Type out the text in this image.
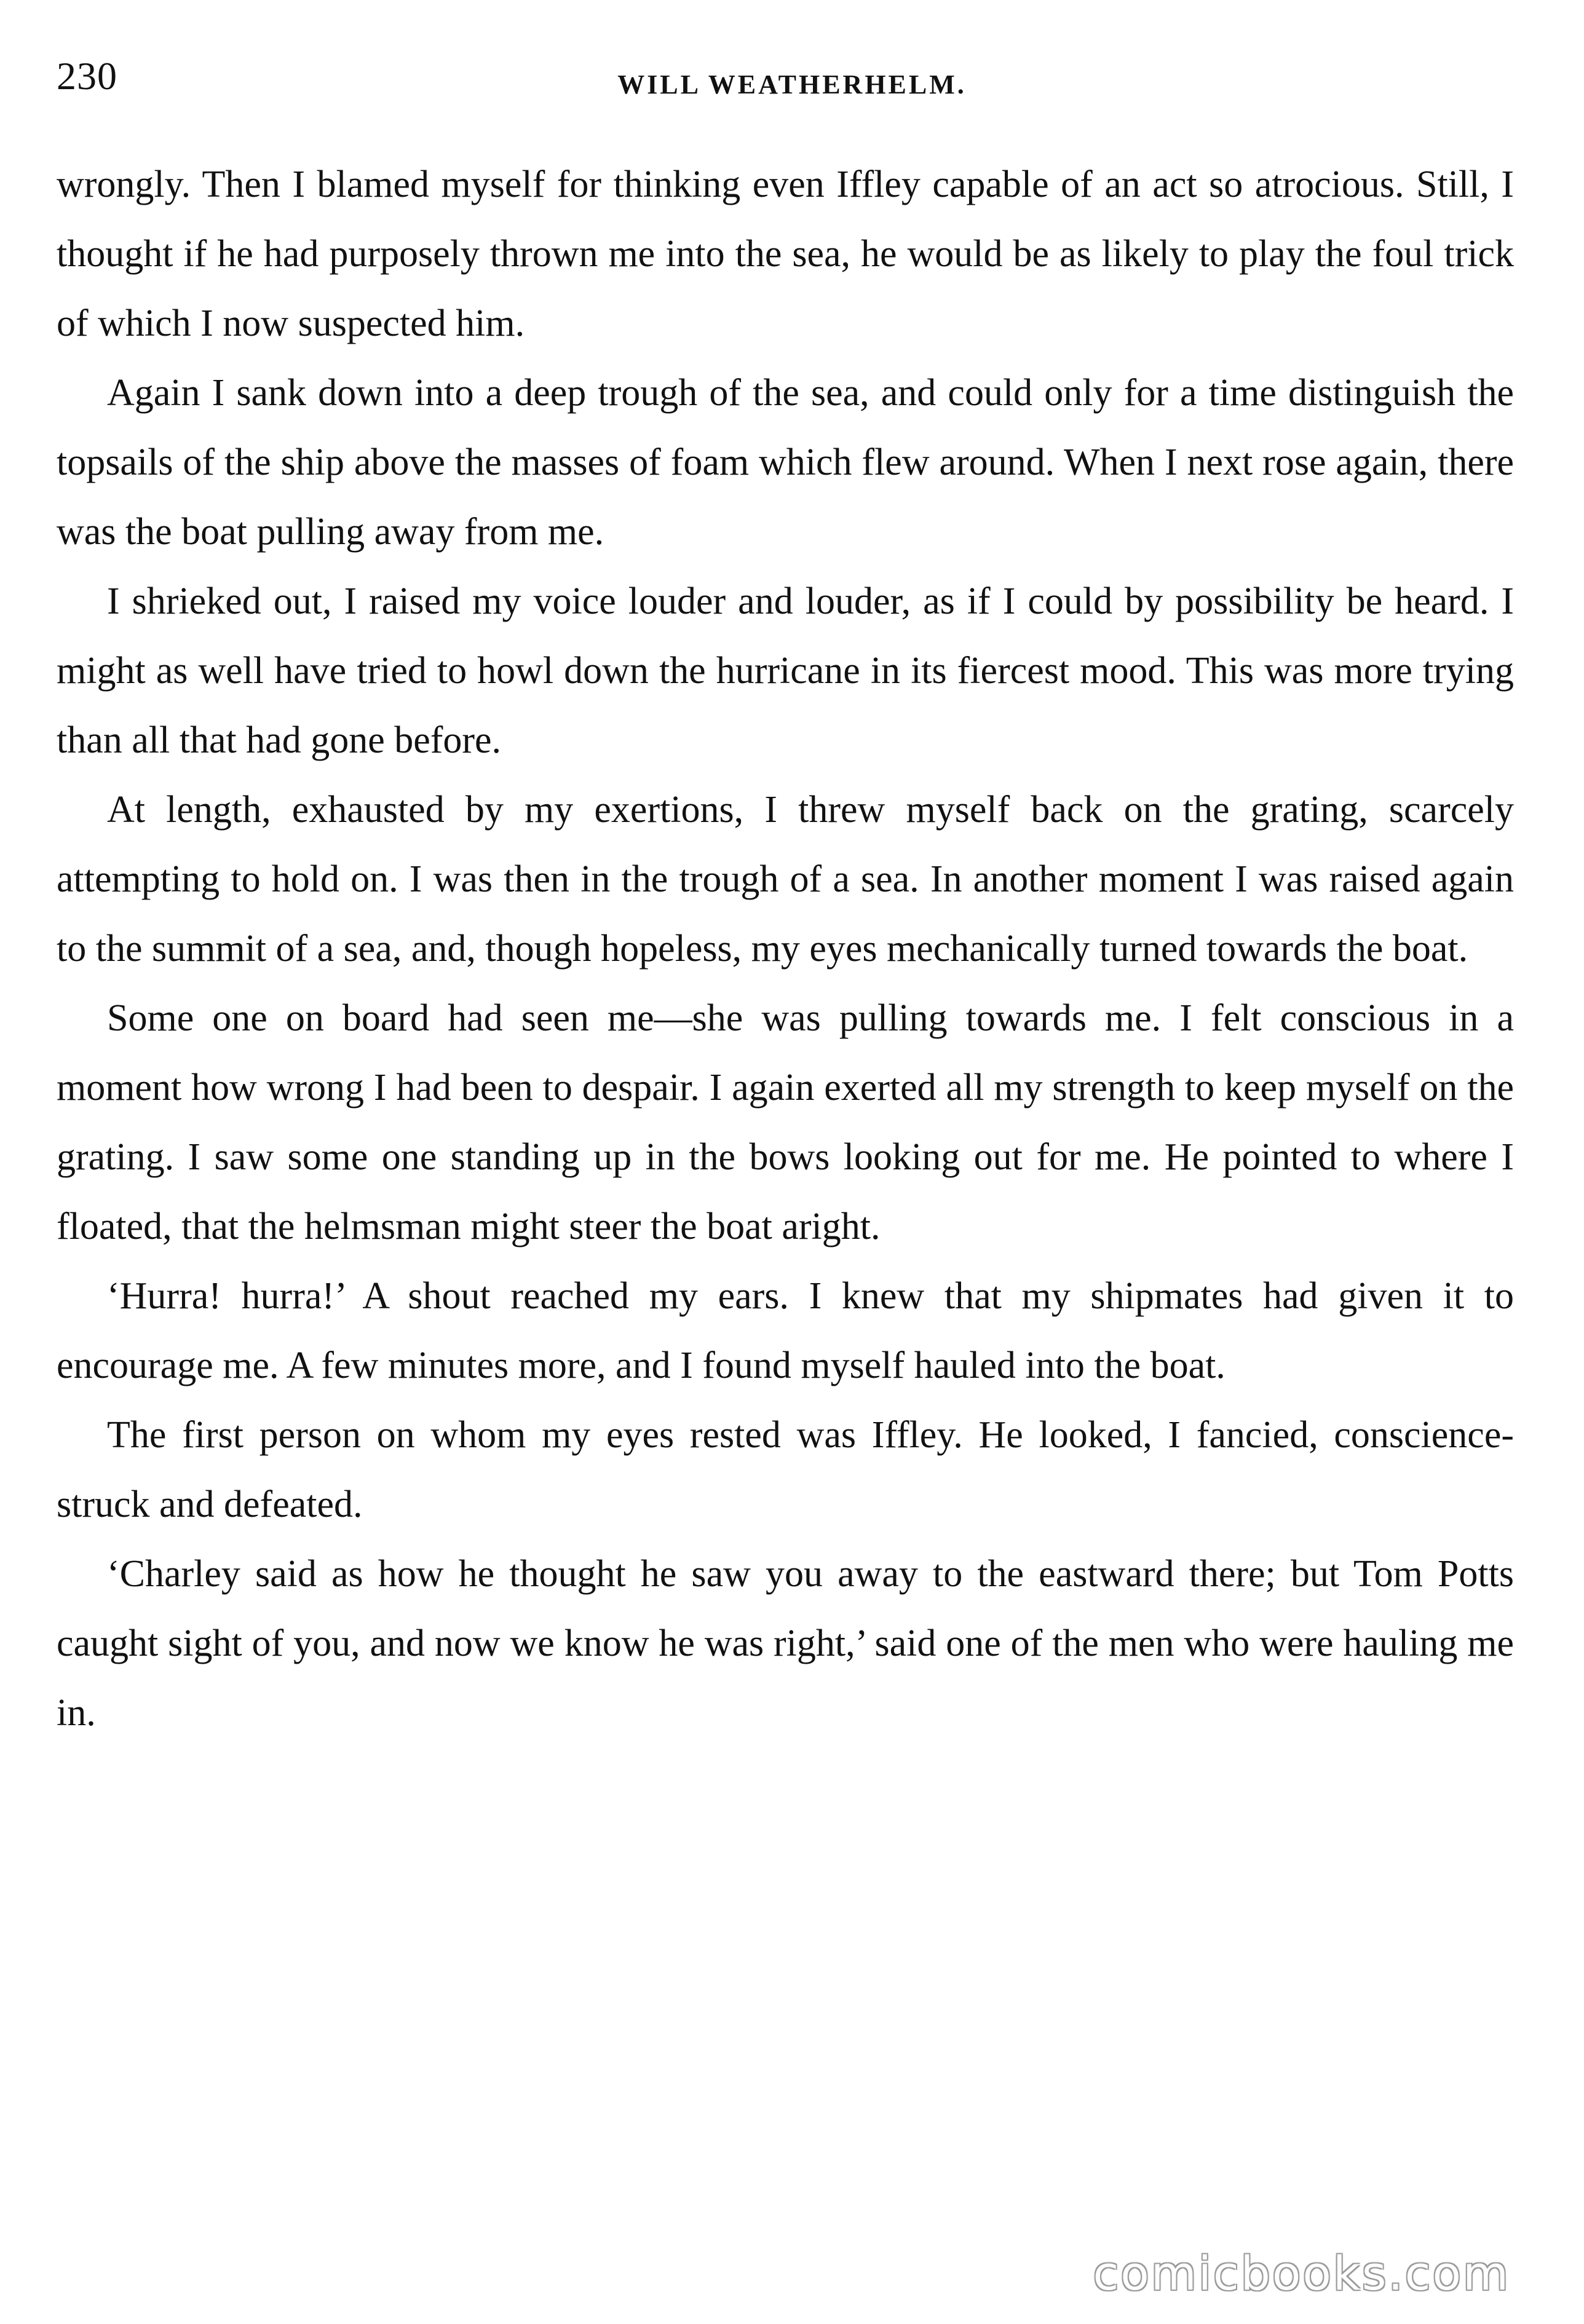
230	WILL WEATHERHELM.

wrongly. Then I blamed myself for thinking even Iffley capable of an act so atrocious. Still, I thought if he had purposely thrown me into the sea, he would be as likely to play the foul trick of which I now suspected him.

Again I sank down into a deep trough of the sea, and could only for a time distinguish the topsails of the ship above the masses of foam which flew around. When I next rose again, there was the boat pulling away from me.

I shrieked out, I raised my voice louder and louder, as if I could by possibility be heard. I might as well have tried to howl down the hurricane in its fiercest mood. This was more trying than all that had gone before.

At length, exhausted by my exertions, I threw myself back on the grating, scarcely attempting to hold on. I was then in the trough of a sea. In another moment I was raised again to the summit of a sea, and, though hopeless, my eyes mechanically turned towards the boat.

Some one on board had seen me—she was pulling towards me. I felt conscious in a moment how wrong I had been to despair. I again exerted all my strength to keep myself on the grating. I saw some one standing up in the bows looking out for me. He pointed to where I floated, that the helmsman might steer the boat aright.

‘Hurra! hurra!’ A shout reached my ears. I knew that my shipmates had given it to encourage me. A few minutes more, and I found myself hauled into the boat.

The first person on whom my eyes rested was Iffley. He looked, I fancied, conscience-struck and defeated.

‘Charley said as how he thought he saw you away to the eastward there; but Tom Potts caught sight of you, and now we know he was right,’ said one of the men who were hauling me in.

comicbooks.com
